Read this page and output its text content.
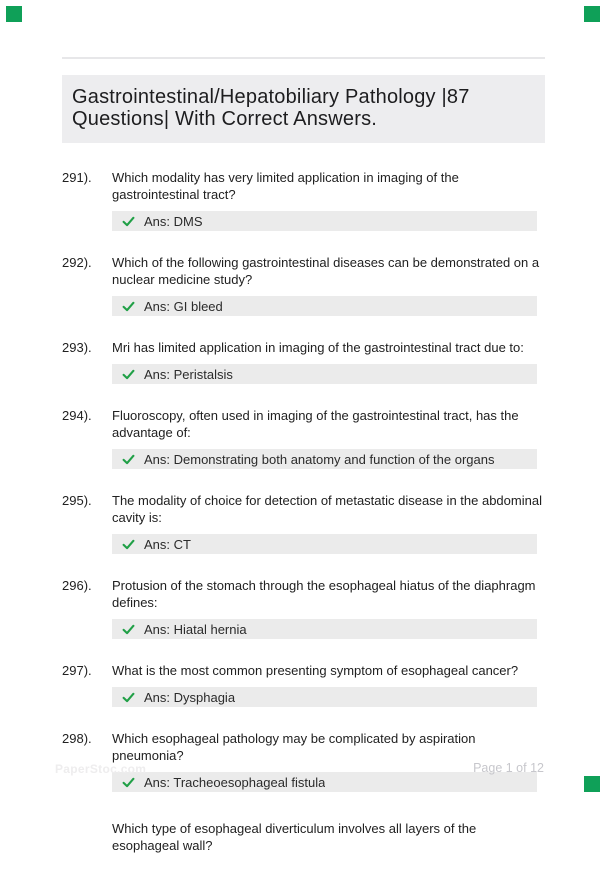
Gastrointestinal/Hepatobiliary Pathology |87 Questions| With Correct Answers.
291).	Which modality has very limited application in imaging of the gastrointestinal tract?
Ans: DMS
292).	Which of the following gastrointestinal diseases can be demonstrated on a nuclear medicine study?
Ans: GI bleed
293).	Mri has limited application in imaging of the gastrointestinal tract due to:
Ans: Peristalsis
294).	Fluoroscopy, often used in imaging of the gastrointestinal tract, has the advantage of:
Ans: Demonstrating both anatomy and function of the organs
295).	The modality of choice for detection of metastatic disease in the abdominal cavity is:
Ans: CT
296).	Protusion of the stomach through the esophageal hiatus of the diaphragm defines:
Ans: Hiatal hernia
297).	What is the most common presenting symptom of esophageal cancer?
Ans: Dysphagia
298).	Which esophageal pathology may be complicated by aspiration pneumonia?
Ans: Tracheoesophageal fistula
Which type of esophageal diverticulum involves all layers of the esophageal wall?
PaperStoc.com	Page 1 of 12
